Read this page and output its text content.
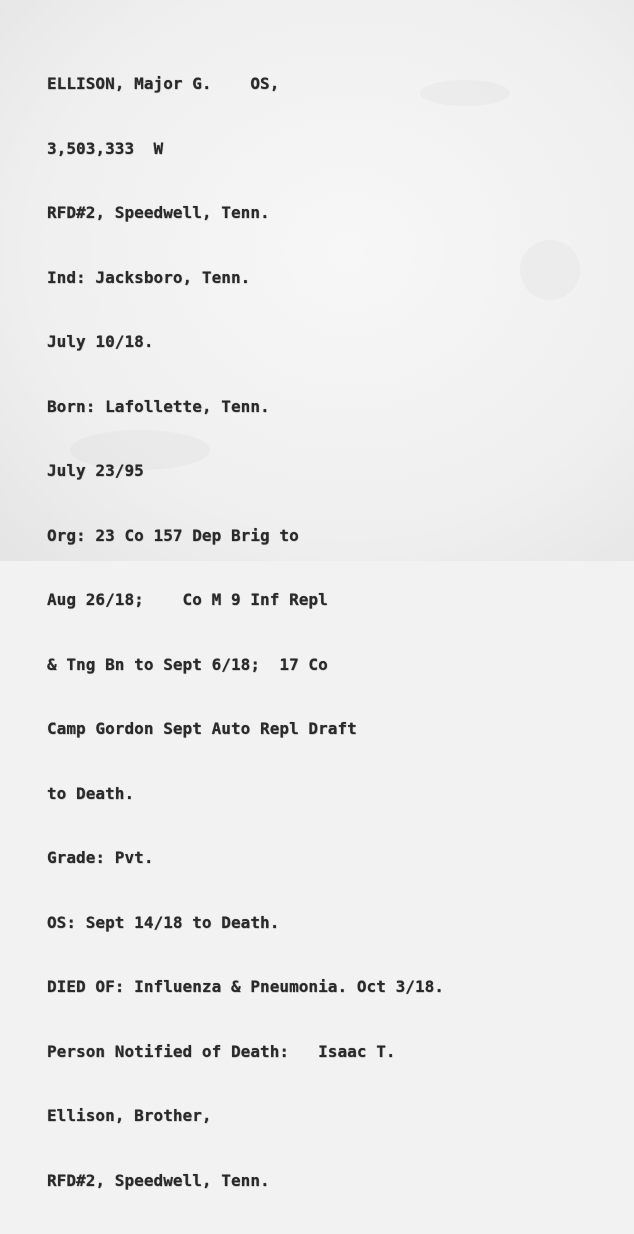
ELLISON, Major G.    OS,

3,503,333  W

RFD#2, Speedwell, Tenn.

Ind: Jacksboro, Tenn.

July 10/18.

Born: Lafollette, Tenn.

July 23/95

Org: 23 Co 157 Dep Brig to

Aug 26/18;    Co M 9 Inf Repl

& Tng Bn to Sept 6/18;  17 Co

Camp Gordon Sept Auto Repl Draft

to Death.

Grade: Pvt.

OS: Sept 14/18 to Death.

DIED OF: Influenza & Pneumonia. Oct 3/18.

Person Notified of Death:   Isaac T.

Ellison, Brother,

RFD#2, Speedwell, Tenn.
